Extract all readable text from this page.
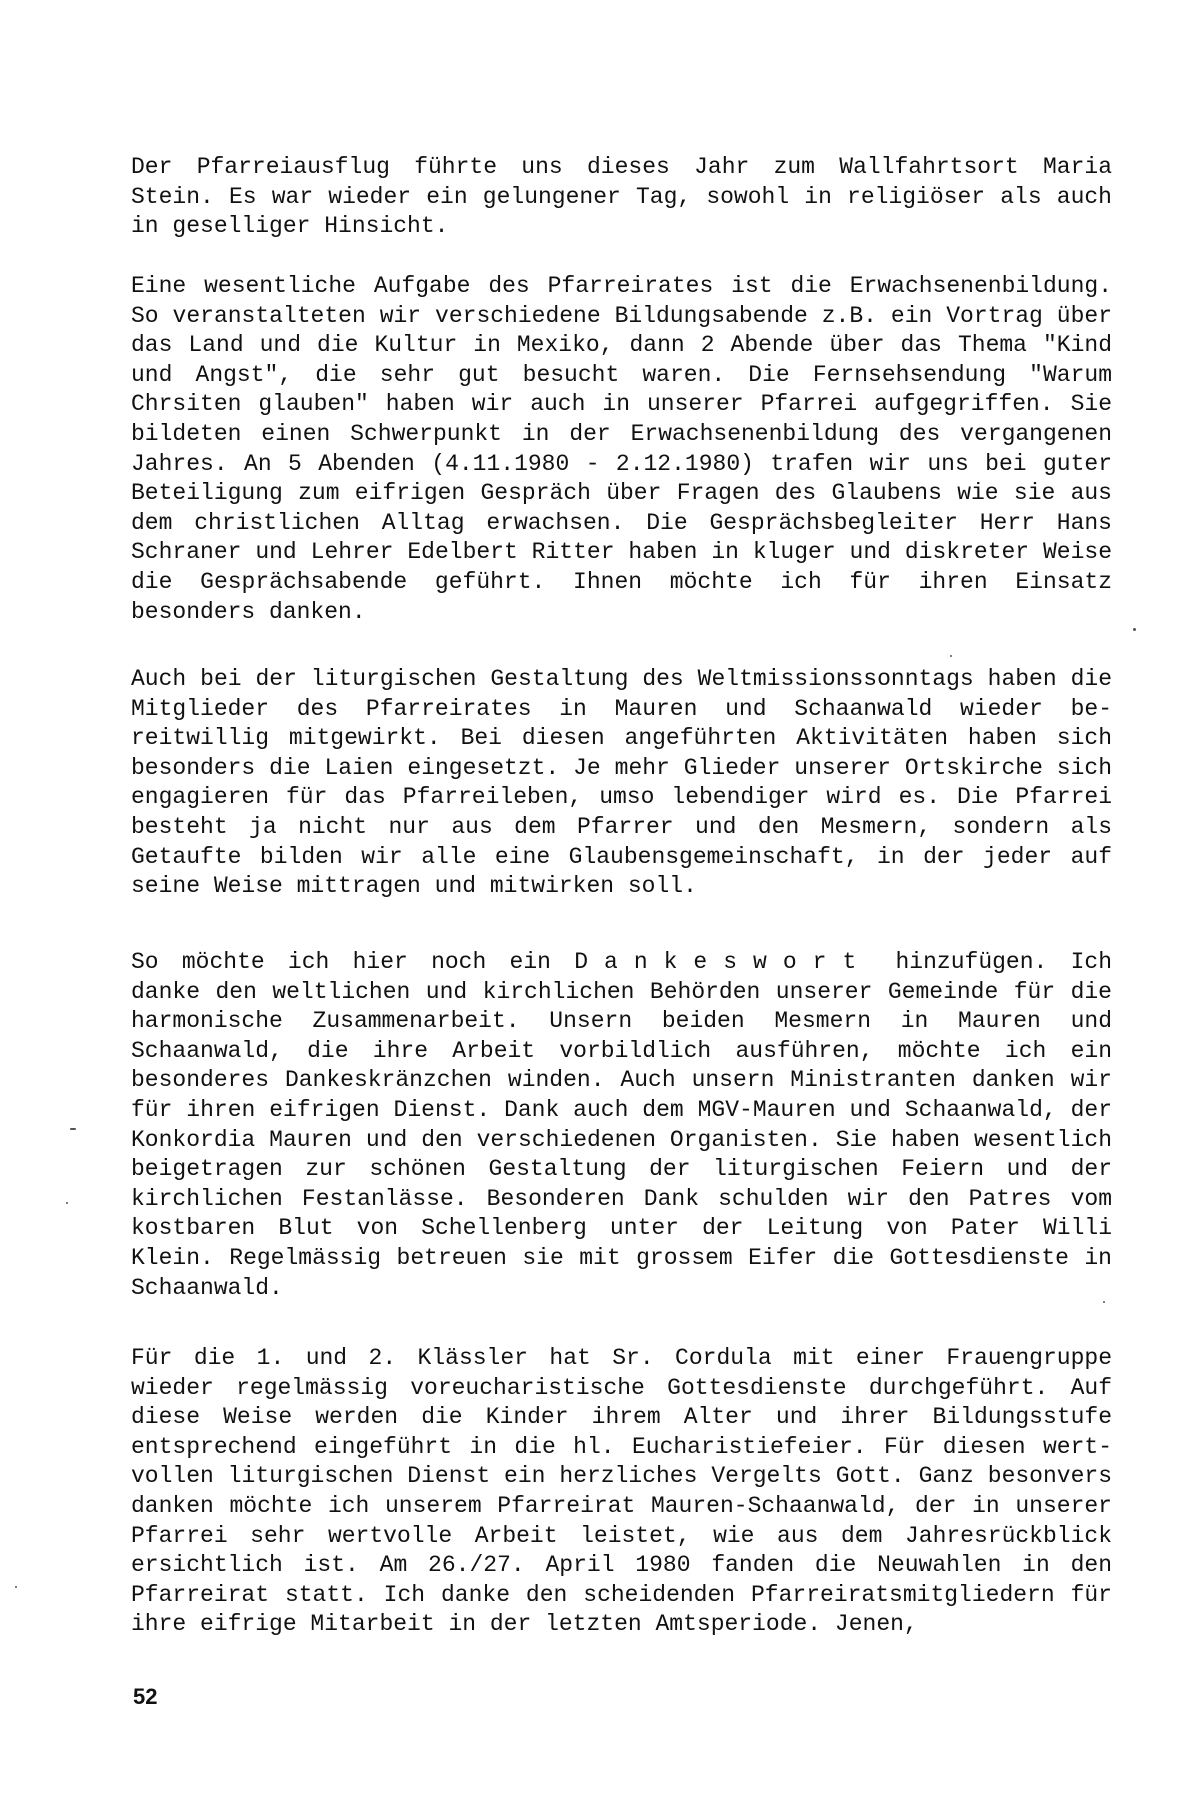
Der Pfarreiausflug führte uns dieses Jahr zum Wallfahrtsort Maria Stein. Es war wieder ein gelungener Tag, sowohl in religiöser als auch in geselliger Hinsicht.

Eine wesentliche Aufgabe des Pfarreirates ist die Erwachsenenbildung. So veranstalteten wir verschiedene Bildungsabende z.B. ein Vortrag über das Land und die Kultur in Mexiko, dann 2 Abende über das Thema "Kind und Angst", die sehr gut besucht waren. Die Fernsehsendung "Warum Chrsiten glauben" haben wir auch in unserer Pfarrei aufgegriffen. Sie bildeten einen Schwerpunkt in der Erwachsenenbildung des vergangenen Jahres. An 5 Abenden (4.11.1980 - 2.12.1980) trafen wir uns bei guter Beteiligung zum eifrigen Gespräch über Fragen des Glaubens wie sie aus dem christlichen Alltag erwachsen. Die Gesprächsbegleiter Herr Hans Schraner und Lehrer Edelbert Ritter haben in kluger und diskreter Weise die Gesprächsabende geführt. Ihnen möchte ich für ihren Einsatz besonders danken.

Auch bei der liturgischen Gestaltung des Weltmissionssonntags haben die Mitglieder des Pfarreirates in Mauren und Schaanwald wieder bereitwillig mitgewirkt. Bei diesen angeführten Aktivitäten haben sich besonders die Laien eingesetzt. Je mehr Glieder unserer Ortskirche sich engagieren für das Pfarreileben, umso lebendiger wird es. Die Pfarrei besteht ja nicht nur aus dem Pfarrer und den Mesmern, sondern als Getaufte bilden wir alle eine Glaubensgemeinschaft, in der jeder auf seine Weise mittragen und mitwirken soll.

So möchte ich hier noch ein Dankeswort hinzufügen. Ich danke den weltlichen und kirchlichen Behörden unserer Gemeinde für die harmonische Zusammenarbeit. Unsern beiden Mesmern in Mauren und Schaanwald, die ihre Arbeit vorbildlich ausführen, möchte ich ein besonderes Dankeskränzchen winden. Auch unsern Ministranten danken wir für ihren eifrigen Dienst. Dank auch dem MGV-Mauren und Schaanwald, der Konkordia Mauren und den verschiedenen Organisten. Sie haben wesentlich beigetragen zur schönen Gestaltung der liturgischen Feiern und der kirchlichen Festanlässe. Besonderen Dank schulden wir den Patres vom kostbaren Blut von Schellenberg unter der Leitung von Pater Willi Klein. Regelmässig betreuen sie mit grossem Eifer die Gottesdienste in Schaanwald.

Für die 1. und 2. Klässler hat Sr. Cordula mit einer Frauengruppe wieder regelmässig voreucharistische Gottesdienste durchgeführt. Auf diese Weise werden die Kinder ihrem Alter und ihrer Bildungsstufe entsprechend eingeführt in die hl. Eucharistiefeier. Für diesen wertvollen liturgischen Dienst ein herzliches Vergelts Gott. Ganz besonvers danken möchte ich unserem Pfarreirat Mauren-Schaanwald, der in unserer Pfarrei sehr wertvolle Arbeit leistet, wie aus dem Jahresrückblick ersichtlich ist. Am 26./27. April 1980 fanden die Neuwahlen in den Pfarreirat statt. Ich danke den scheidenden Pfarreiratsmitgliedern für ihre eifrige Mitarbeit in der letzten Amtsperiode. Jenen,

52
